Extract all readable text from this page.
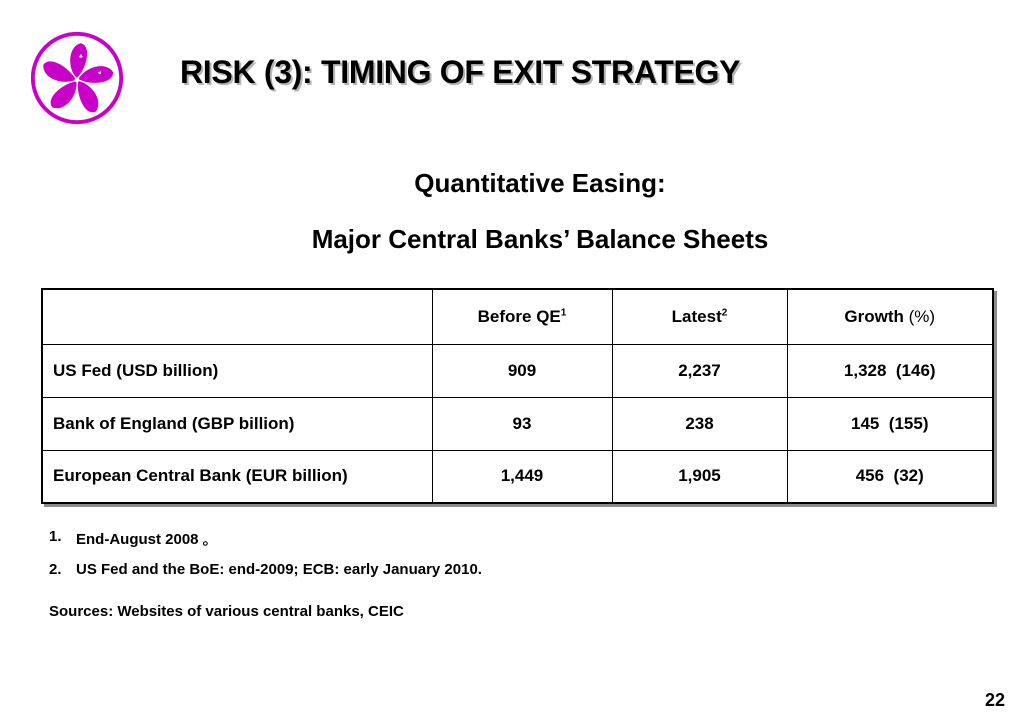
RISK (3): TIMING OF EXIT STRATEGY

Quantitative Easing:

Major Central Banks’ Balance Sheets

	Before $QE^1$	Latest$^2$	Growth (%)
US Fed (USD billion)	909	2,237	1,328  (146)
Bank of England (GBP billion)	93	238	145  (155)
European Central Bank (EUR billion)	1,449	1,905	456  (32)
1. End-August 2008 。
2. US Fed and the BoE: end-2009; ECB: early January 2010.

Sources: Websites of various central banks, CEIC

22
